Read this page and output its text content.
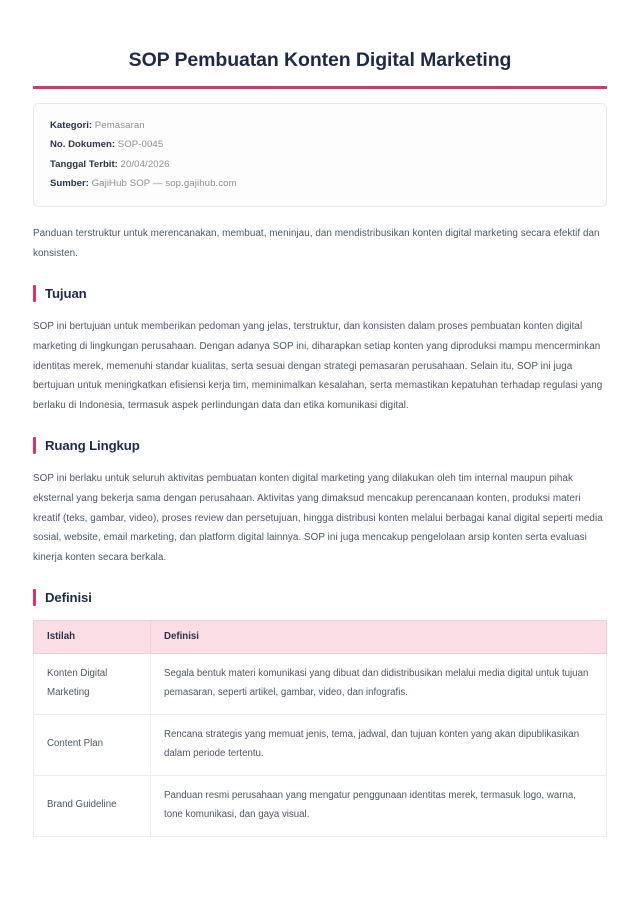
SOP Pembuatan Konten Digital Marketing
Kategori: Pemasaran
No. Dokumen: SOP-0045
Tanggal Terbit: 20/04/2026
Sumber: GajiHub SOP — sop.gajihub.com

Panduan terstruktur untuk merencanakan, membuat, meninjau, dan mendistribusikan konten digital marketing secara efektif dan konsisten.

Tujuan

SOP ini bertujuan untuk memberikan pedoman yang jelas, terstruktur, dan konsisten dalam proses pembuatan konten digital marketing di lingkungan perusahaan. Dengan adanya SOP ini, diharapkan setiap konten yang diproduksi mampu mencerminkan identitas merek, memenuhi standar kualitas, serta sesuai dengan strategi pemasaran perusahaan. Selain itu, SOP ini juga bertujuan untuk meningkatkan efisiensi kerja tim, meminimalkan kesalahan, serta memastikan kepatuhan terhadap regulasi yang berlaku di Indonesia, termasuk aspek perlindungan data dan etika komunikasi digital.

Ruang Lingkup

SOP ini berlaku untuk seluruh aktivitas pembuatan konten digital marketing yang dilakukan oleh tim internal maupun pihak eksternal yang bekerja sama dengan perusahaan. Aktivitas yang dimaksud mencakup perencanaan konten, produksi materi kreatif (teks, gambar, video), proses review dan persetujuan, hingga distribusi konten melalui berbagai kanal digital seperti media sosial, website, email marketing, dan platform digital lainnya. SOP ini juga mencakup pengelolaan arsip konten serta evaluasi kinerja konten secara berkala.

Definisi
Istilah	Definisi
Konten Digital Marketing	Segala bentuk materi komunikasi yang dibuat dan didistribusikan melalui media digital untuk tujuan pemasaran, seperti artikel, gambar, video, dan infografis.
Content Plan	Rencana strategis yang memuat jenis, tema, jadwal, dan tujuan konten yang akan dipublikasikan dalam periode tertentu.
Brand Guideline	Panduan resmi perusahaan yang mengatur penggunaan identitas merek, termasuk logo, warna, tone komunikasi, dan gaya visual.
